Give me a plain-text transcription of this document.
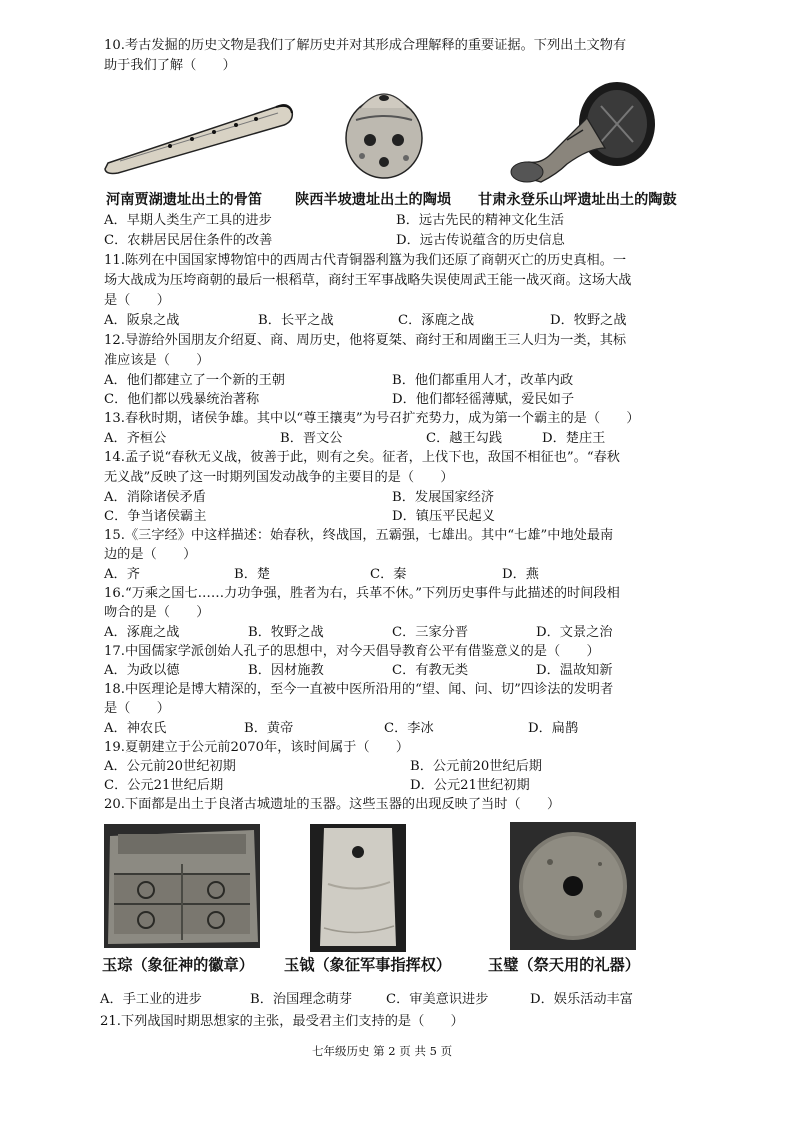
10.考古发掘的历史文物是我们了解历史并对其形成合理解释的重要证据。下列出土文物有
助于我们了解（　　）
河南贾湖遗址出土的骨笛 陕西半坡遗址出土的陶埙 甘肃永登乐山坪遗址出土的陶鼓
A．早期人类生产工具的进步	B．远古先民的精神文化生活
C．农耕居民居住条件的改善	D．远古传说蕴含的历史信息
11.陈列在中国国家博物馆中的西周古代青铜器利簋为我们还原了商朝灭亡的历史真相。一
场大战成为压垮商朝的最后一根稻草，商纣王军事战略失误使周武王能一战灭商。这场大战
是（　　）
A．阪泉之战	B．长平之战	C．涿鹿之战	D．牧野之战
12.导游给外国朋友介绍夏、商、周历史，他将夏桀、商纣王和周幽王三人归为一类，其标
准应该是（　　）
A．他们都建立了一个新的王朝	B．他们都重用人才，改革内政
C．他们都以残暴统治著称	D．他们都轻徭薄赋，爱民如子
13.春秋时期，诸侯争雄。其中以“尊王攘夷”为号召扩充势力，成为第一个霸主的是（　　）
A．齐桓公	B．晋文公	C．越王勾践	D．楚庄王
14.孟子说“春秋无义战，彼善于此，则有之矣。征者，上伐下也，敌国不相征也”。“春秋
无义战”反映了这一时期列国发动战争的主要目的是（　　）
A．消除诸侯矛盾	B．发展国家经济
C．争当诸侯霸主	D．镇压平民起义
15.《三字经》中这样描述：始春秋，终战国，五霸强，七雄出。其中“七雄”中地处最南
边的是（　　）
A．齐	B．楚	C．秦	D．燕
16.“万乘之国七……力功争强，胜者为右，兵革不休。”下列历史事件与此描述的时间段相
吻合的是（　　）
A．涿鹿之战	B．牧野之战	C．三家分晋	D．文景之治
17.中国儒家学派创始人孔子的思想中，对今天倡导教育公平有借鉴意义的是（　　）
A．为政以德	B．因材施教	C．有教无类	D．温故知新
18.中医理论是博大精深的，至今一直被中医所沿用的“望、闻、问、切”四诊法的发明者
是（　　）
A．神农氏	B．黄帝	C．李冰	D．扁鹊
19.夏朝建立于公元前2070年，该时间属于（　　）
A．公元前20世纪初期	B．公元前20世纪后期
C．公元21世纪后期	D．公元21世纪初期
20.下面都是出土于良渚古城遗址的玉器。这些玉器的出现反映了当时（　　）
玉琮（象征神的徽章） 玉钺（象征军事指挥权） 玉璧（祭天用的礼器）
A．手工业的进步	B．治国理念萌芽	C．审美意识进步	D．娱乐活动丰富
21.下列战国时期思想家的主张，最受君主们支持的是（　　）
七年级历史 第 2 页 共 5 页
